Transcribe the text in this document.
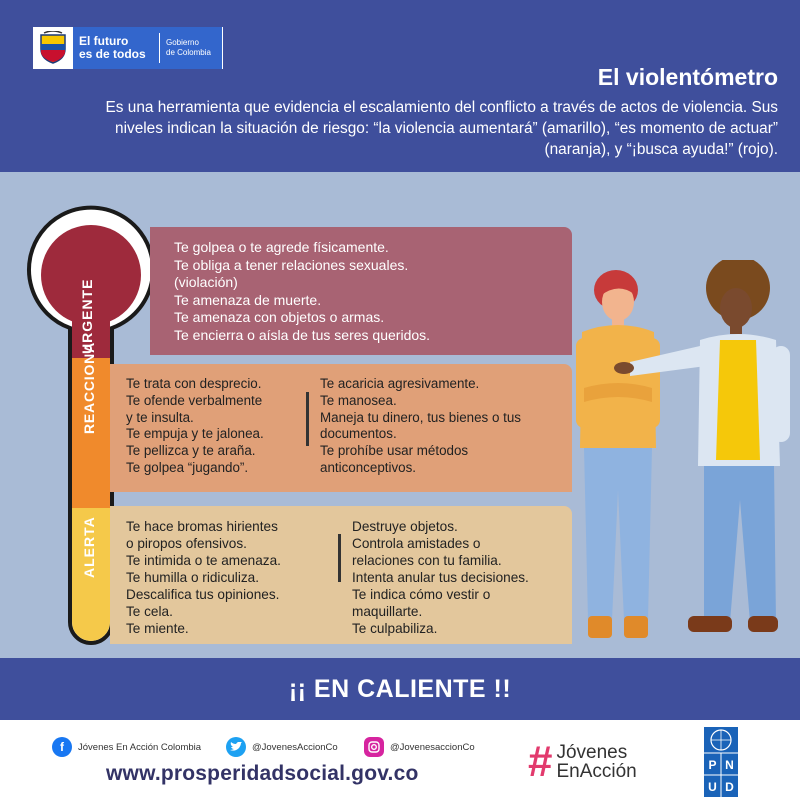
El futuro
es de todos
Gobierno
de Colombia
El violentómetro
Es una herramienta que evidencia el escalamiento del conflicto a través de actos de violencia. Sus niveles indican la situación de riesgo: “la violencia aumentará” (amarillo), “es momento de actuar” (naranja), y “¡busca ayuda!” (rojo).
URGENTE
REACCIONA
ALERTA

Te golpea o te agrede físicamente.

Te obliga a tener relaciones sexuales.

(violación)

Te amenaza de muerte.

Te amenaza con objetos o armas.

Te encierra o aísla de tus seres queridos.

Te trata con desprecio.

Te ofende verbalmente

y te insulta.

Te empuja y te jalonea.

Te pellizca y te araña.

Te golpea “jugando”.

Te acaricia agresivamente.

Te manosea.

Maneja tu dinero, tus bienes o tus

documentos.

Te prohíbe usar métodos

anticonceptivos.

Te hace bromas hirientes

o piropos ofensivos.

Te intimida o te amenaza.

Te humilla o ridiculiza.

Descalifica tus opiniones.

Te cela.

Te miente.

Destruye objetos.

Controla amistades o

relaciones con tu familia.

Intenta anular tus decisiones.

Te indica cómo vestir o

maquillarte.

Te culpabiliza.

¡¡ EN CALIENTE !!
f	Jóvenes En Acción Colombia	@JovenesAccionCo	@JovenesaccionCo
www.prosperidadsocial.gov.co # Jóvenes
EnAcción	P N
U D
